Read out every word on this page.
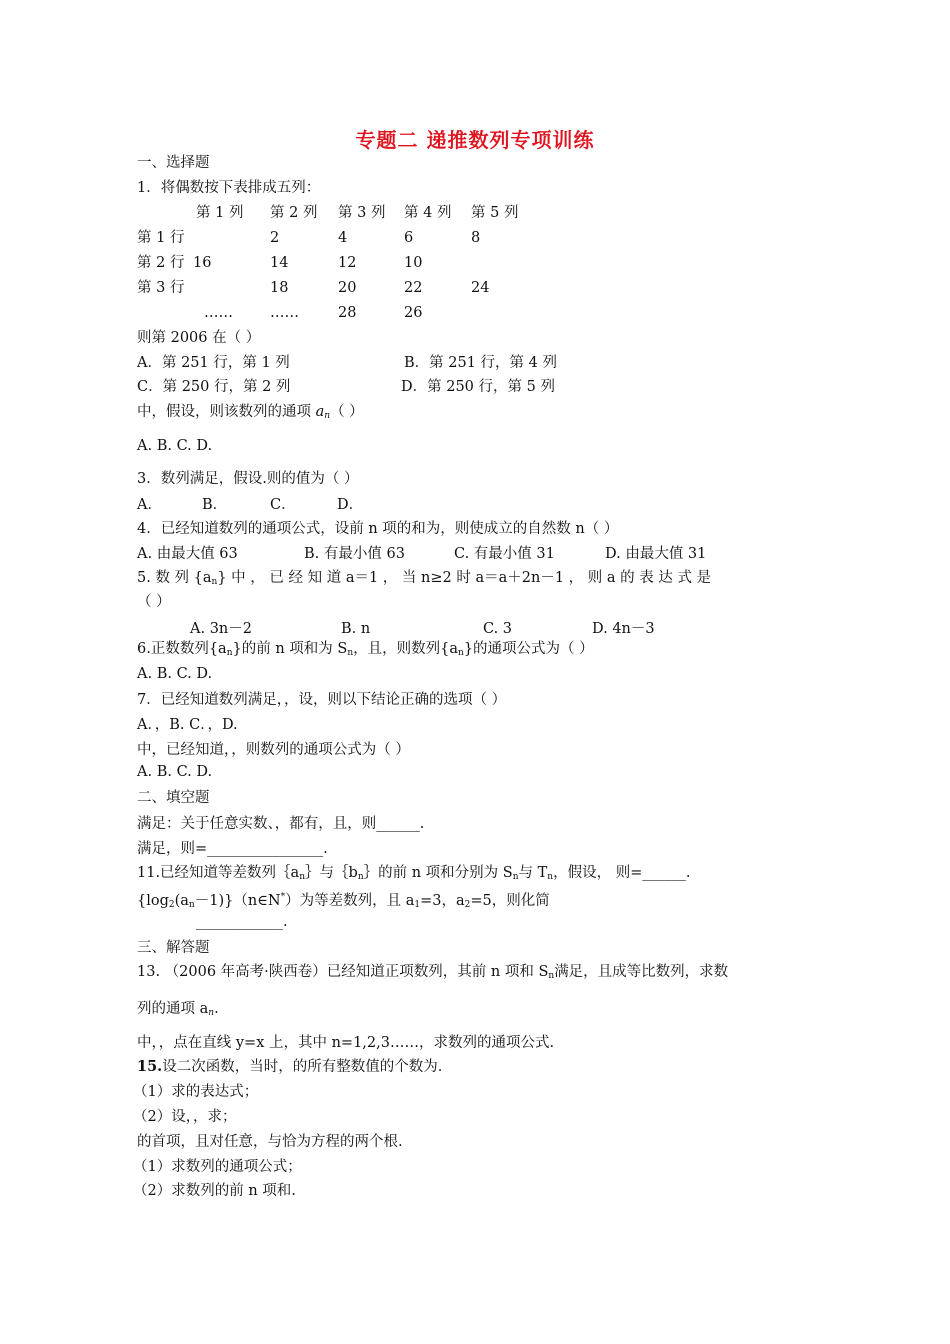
专题二 递推数列专项训练
一、选择题
1．将偶数按下表排成五列：
第 1 列 第 2 列 第 3 列 第 4 列 第 5 列
第 1 行	2	4	6	8
第 2 行 16	14	12	10
第 3 行	18	20	22	24
……	……	28	26
则第 2006 在（ ）
A．第 251 行，第 1 列	B．第 251 行，第 4 列
C．第 250 行，第 2 列	D．第 250 行，第 5 列
中，假设，则该数列的通项 $a_n$（ ）
A. B. C. D.
3．数列满足，假设.则的值为（ ）
A．	B．	C．	D．
4．已经知道数列的通项公式，设前 n 项的和为，则使成立的自然数 n（ ）
A. 由最大值 63	B. 有最小值 63	C. 有最小值 31	D. 由最大值 31
5. 数 列 $\{a_n\}$ 中 ， 已 经 知 道 a＝1 ， 当 n≥2 时 a＝a＋2n－1 ， 则 a 的 表 达 式 是
（ ）
A. 3n－2	B. n	C. 3	D. 4n－3
6.正数数列$\{a_n\}$的前 n 项和为 $S_n$，且，则数列$\{a_n\}$的通项公式为（ ）
A. B. C. D.
7．已经知道数列满足，，设，则以下结论正确的选项（ ）
A．，B. C．，D.
中，已经知道，，则数列的通项公式为（ ）
A. B. C. D.
二、填空题
满足：关于任意实数、，都有，且，则______.
满足，则=________________.
11.已经知道等差数列$\{a_n\}$与$\{b_n\}$的前 n 项和分别为 $S_n$与 $T_n$，假设， 则=______.
$\{\log_2(a_n-1)\}(n\in N^*)$为等差数列，且 $a_1=3$，$a_2=5$，则化简
____________.
三、解答题
13. （2006 年高考·陕西卷）已经知道正项数列，其前 n 项和 $S_n$满足，且成等比数列，求数
列的通项 $a_n$.
中，，点在直线 y=x 上，其中 n=1,2,3……，求数列的通项公式.
15.设二次函数，当时，的所有整数值的个数为.
（1）求的表达式；
（2）设，，求；
的首项，且对任意，与恰为方程的两个根.
（1）求数列的通项公式；
（2）求数列的前 n 项和.
